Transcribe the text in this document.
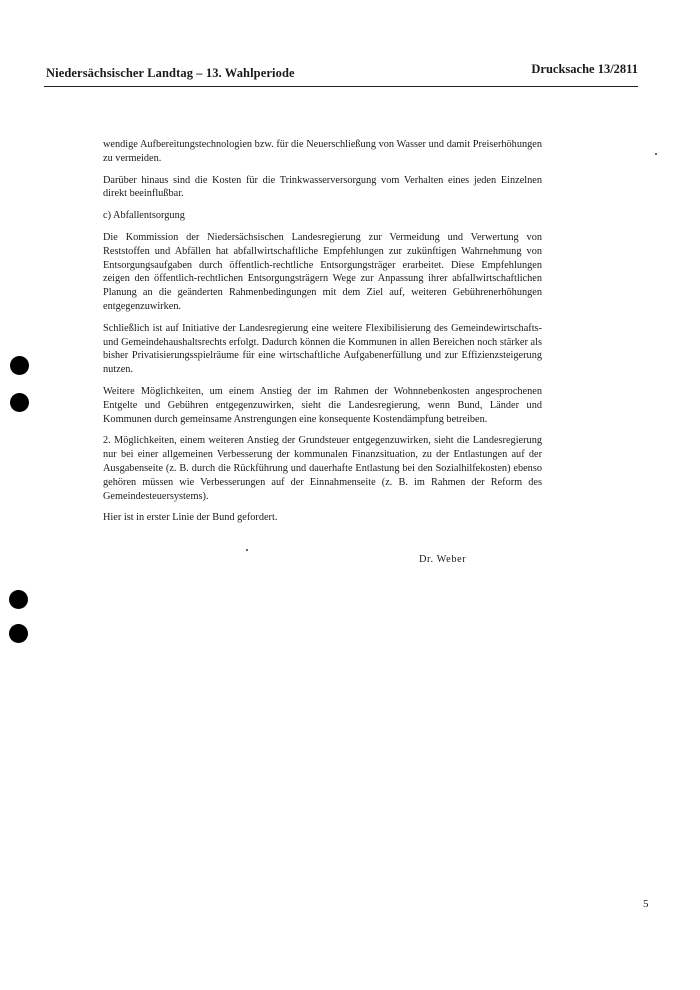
Niedersächsischer Landtag – 13. Wahlperiode	Drucksache 13/2811

wendige Aufbereitungstechnologien bzw. für die Neuerschließung von Wasser und damit Preiserhöhungen zu vermeiden.

Darüber hinaus sind die Kosten für die Trinkwasserversorgung vom Verhalten eines jeden Einzelnen direkt beeinflußbar.

c) Abfallentsorgung

Die Kommission der Niedersächsischen Landesregierung zur Vermeidung und Verwertung von Reststoffen und Abfällen hat abfallwirtschaftliche Empfehlungen zur zukünftigen Wahrnehmung von Entsorgungsaufgaben durch öffentlich-rechtliche Entsorgungsträger erarbeitet. Diese Empfehlungen zeigen den öffentlich-rechtlichen Entsorgungsträgern Wege zur Anpassung ihrer abfallwirtschaftlichen Planung an die geänderten Rahmenbedingungen mit dem Ziel auf, weiteren Gebührenerhöhungen entgegenzuwirken.

Schließlich ist auf Initiative der Landesregierung eine weitere Flexibilisierung des Gemeindewirtschafts- und Gemeindehaushaltsrechts erfolgt. Dadurch können die Kommunen in allen Bereichen noch stärker als bisher Privatisierungsspielräume für eine wirtschaftliche Aufgabenerfüllung und zur Effizienzsteigerung nutzen.

Weitere Möglichkeiten, um einem Anstieg der im Rahmen der Wohnnebenkosten angesprochenen Entgelte und Gebühren entgegenzuwirken, sieht die Landesregierung, wenn Bund, Länder und Kommunen durch gemeinsame Anstrengungen eine konsequente Kostendämpfung betreiben.

2. Möglichkeiten, einem weiteren Anstieg der Grundsteuer entgegenzuwirken, sieht die Landesregierung nur bei einer allgemeinen Verbesserung der kommunalen Finanzsituation, zu der Entlastungen auf der Ausgabenseite (z. B. durch die Rückführung und dauerhafte Entlastung bei den Sozialhilfekosten) ebenso gehören müssen wie Verbesserungen auf der Einnahmenseite (z. B. im Rahmen der Reform des Gemeindesteuersystems).

Hier ist in erster Linie der Bund gefordert.

Dr. Weber
5
